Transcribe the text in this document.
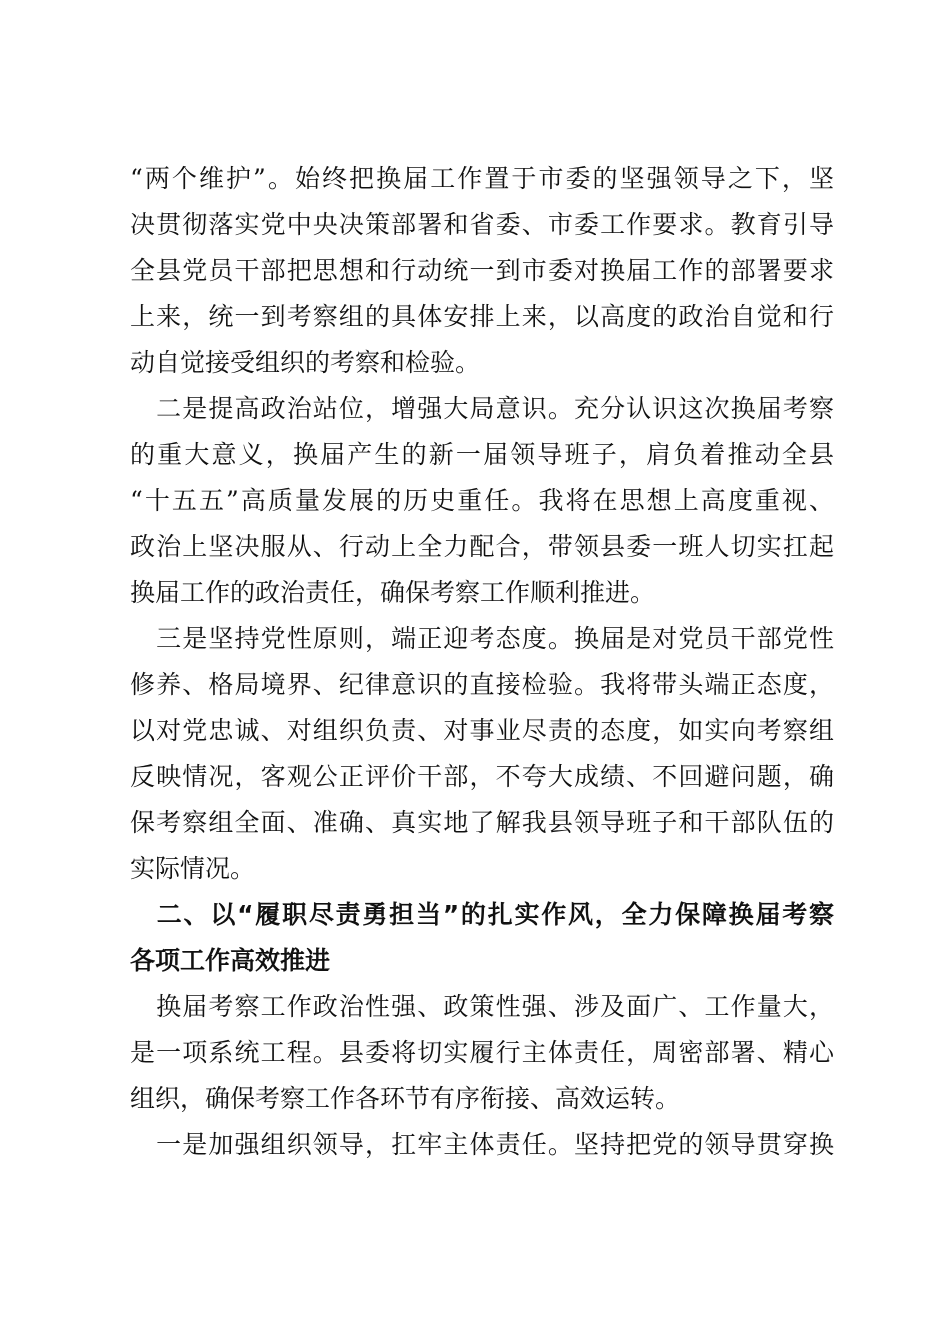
“两个维护”。始终把换届工作置于市委的坚强领导之下，坚
决贯彻落实党中央决策部署和省委、市委工作要求。教育引导
全县党员干部把思想和行动统一到市委对换届工作的部署要求
上来，统一到考察组的具体安排上来，以高度的政治自觉和行
动自觉接受组织的考察和检验。
　二是提高政治站位，增强大局意识。充分认识这次换届考察
的重大意义，换届产生的新一届领导班子，肩负着推动全县
“十五五”高质量发展的历史重任。我将在思想上高度重视、
政治上坚决服从、行动上全力配合，带领县委一班人切实扛起
换届工作的政治责任，确保考察工作顺利推进。
　三是坚持党性原则，端正迎考态度。换届是对党员干部党性
修养、格局境界、纪律意识的直接检验。我将带头端正态度，
以对党忠诚、对组织负责、对事业尽责的态度，如实向考察组
反映情况，客观公正评价干部，不夸大成绩、不回避问题，确
保考察组全面、准确、真实地了解我县领导班子和干部队伍的
实际情况。
　二、以“履职尽责勇担当”的扎实作风，全力保障换届考察
各项工作高效推进
　换届考察工作政治性强、政策性强、涉及面广、工作量大，
是一项系统工程。县委将切实履行主体责任，周密部署、精心
组织，确保考察工作各环节有序衔接、高效运转。
　一是加强组织领导，扛牢主体责任。坚持把党的领导贯穿换
